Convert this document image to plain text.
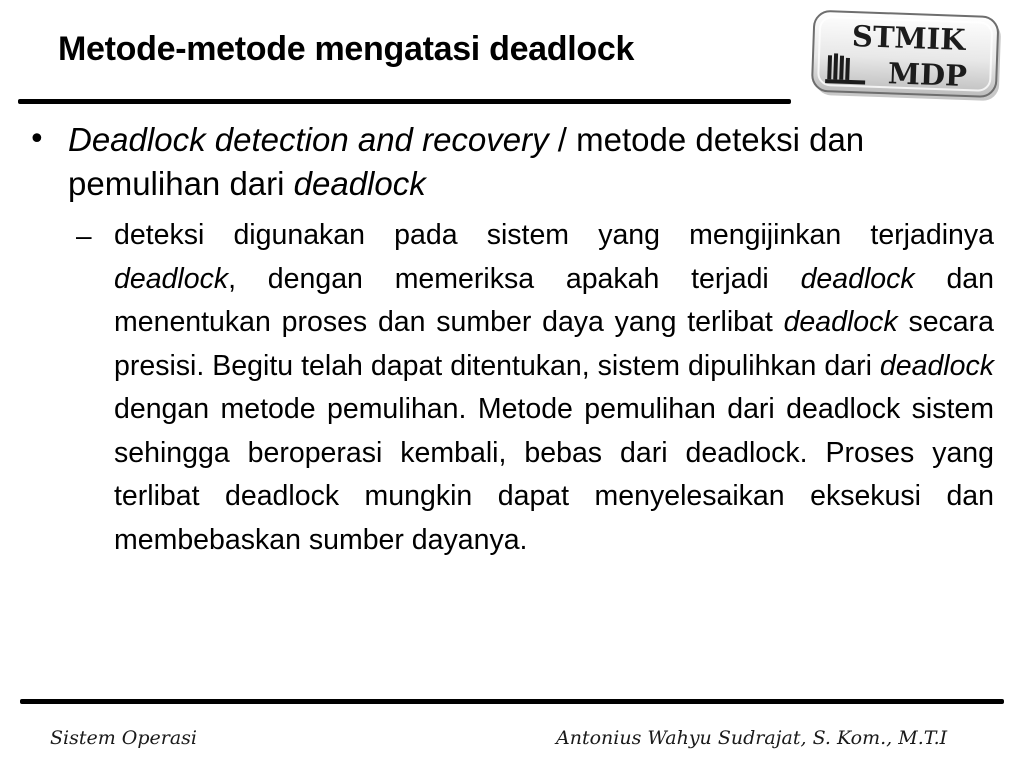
Metode-metode mengatasi deadlock	STMIK
MDP
• Deadlock detection and recovery / metode deteksi dan pemulihan dari deadlock
– deteksi digunakan pada sistem yang mengijinkan terjadinya deadlock, dengan memeriksa apakah terjadi deadlock dan menentukan proses dan sumber daya yang terlibat deadlock secara presisi. Begitu telah dapat ditentukan, sistem dipulihkan dari deadlock dengan metode pemulihan. Metode pemulihan dari deadlock sistem sehingga beroperasi kembali, bebas dari deadlock. Proses yang terlibat deadlock mungkin dapat menyelesaikan eksekusi dan membebaskan sumber dayanya.
Sistem Operasi	Antonius Wahyu Sudrajat, S. Kom., M.T.I
